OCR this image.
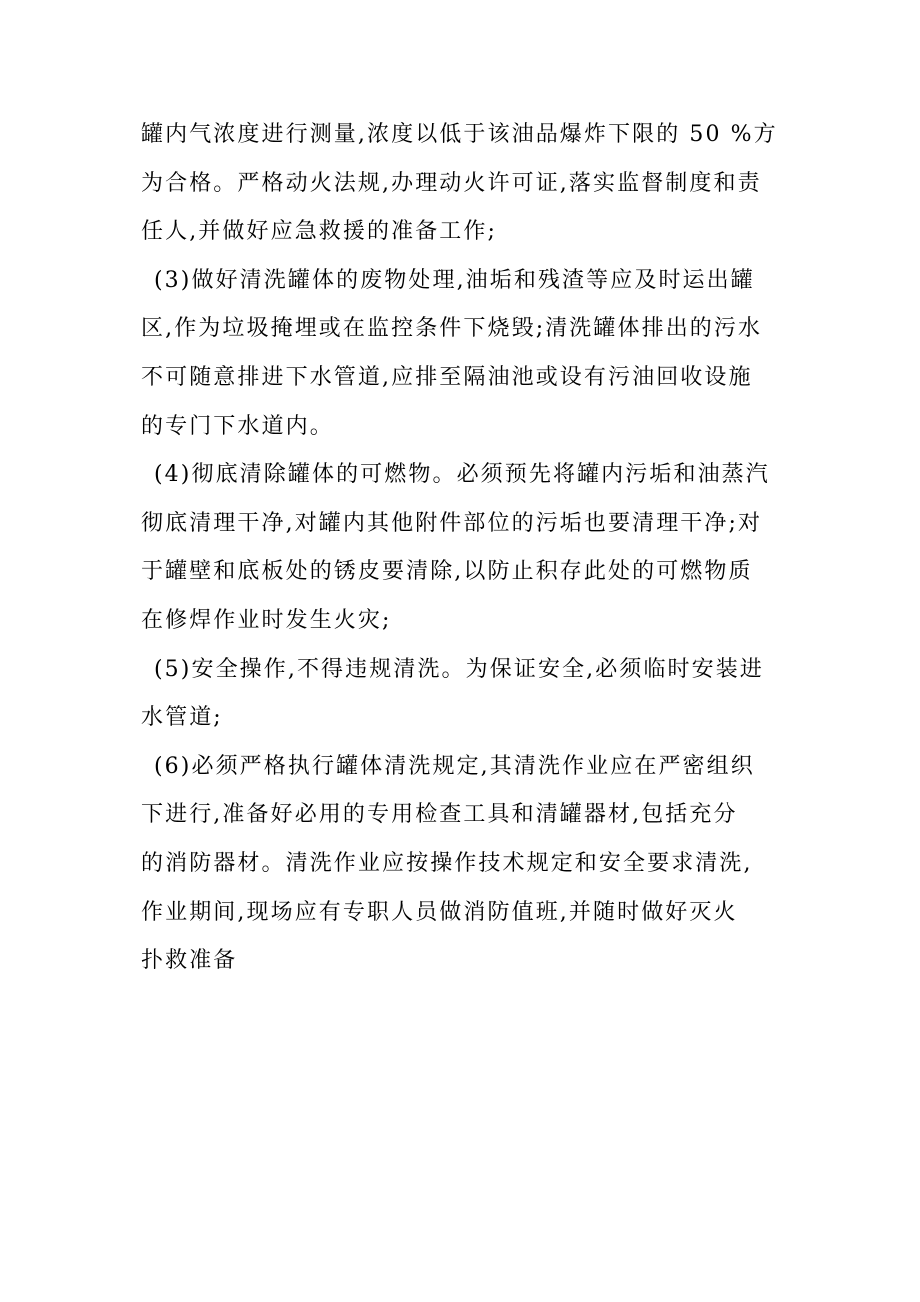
罐内气浓度进行测量,浓度以低于该油品爆炸下限的 50 %方
为合格。严格动火法规,办理动火许可证,落实监督制度和责
任人,并做好应急救援的准备工作;
(3)做好清洗罐体的废物处理,油垢和残渣等应及时运出罐
区,作为垃圾掩埋或在监控条件下烧毁;清洗罐体排出的污水
不可随意排进下水管道,应排至隔油池或设有污油回收设施
的专门下水道内。
(4)彻底清除罐体的可燃物。必须预先将罐内污垢和油蒸汽
彻底清理干净,对罐内其他附件部位的污垢也要清理干净;对
于罐壁和底板处的锈皮要清除,以防止积存此处的可燃物质
在修焊作业时发生火灾;
(5)安全操作,不得违规清洗。为保证安全,必须临时安装进
水管道;
(6)必须严格执行罐体清洗规定,其清洗作业应在严密组织
下进行,准备好必用的专用检查工具和清罐器材,包括充分
的消防器材。清洗作业应按操作技术规定和安全要求清洗,
作业期间,现场应有专职人员做消防值班,并随时做好灭火
扑救准备
